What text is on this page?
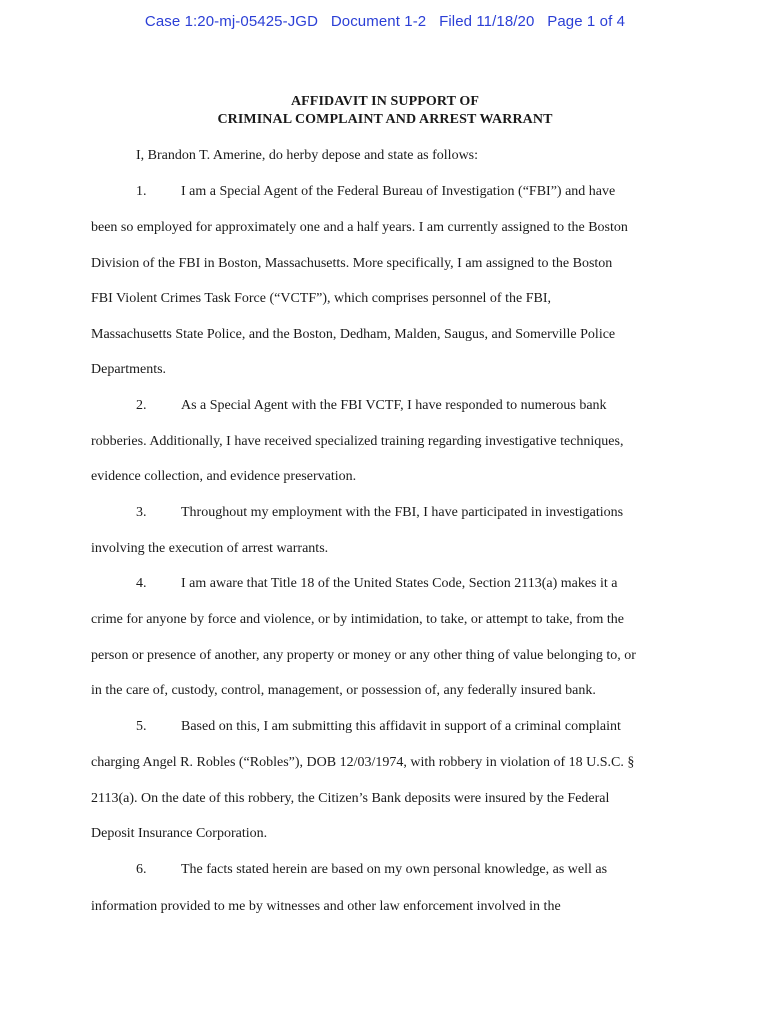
Case 1:20-mj-05425-JGD Document 1-2 Filed 11/18/20 Page 1 of 4
AFFIDAVIT IN SUPPORT OF
CRIMINAL COMPLAINT AND ARREST WARRANT
I, Brandon T. Amerine, do herby depose and state as follows:
1. I am a Special Agent of the Federal Bureau of Investigation (“FBI”) and have
been so employed for approximately one and a half years. I am currently assigned to the Boston
Division of the FBI in Boston, Massachusetts. More specifically, I am assigned to the Boston
FBI Violent Crimes Task Force (“VCTF”), which comprises personnel of the FBI,
Massachusetts State Police, and the Boston, Dedham, Malden, Saugus, and Somerville Police
Departments.
2. As a Special Agent with the FBI VCTF, I have responded to numerous bank
robberies. Additionally, I have received specialized training regarding investigative techniques,
evidence collection, and evidence preservation.
3. Throughout my employment with the FBI, I have participated in investigations
involving the execution of arrest warrants.
4. I am aware that Title 18 of the United States Code, Section 2113(a) makes it a
crime for anyone by force and violence, or by intimidation, to take, or attempt to take, from the
person or presence of another, any property or money or any other thing of value belonging to, or
in the care of, custody, control, management, or possession of, any federally insured bank.
5. Based on this, I am submitting this affidavit in support of a criminal complaint
charging Angel R. Robles (“Robles”), DOB 12/03/1974, with robbery in violation of 18 U.S.C. §
2113(a). On the date of this robbery, the Citizen’s Bank deposits were insured by the Federal
Deposit Insurance Corporation.
6. The facts stated herein are based on my own personal knowledge, as well as
information provided to me by witnesses and other law enforcement involved in the
